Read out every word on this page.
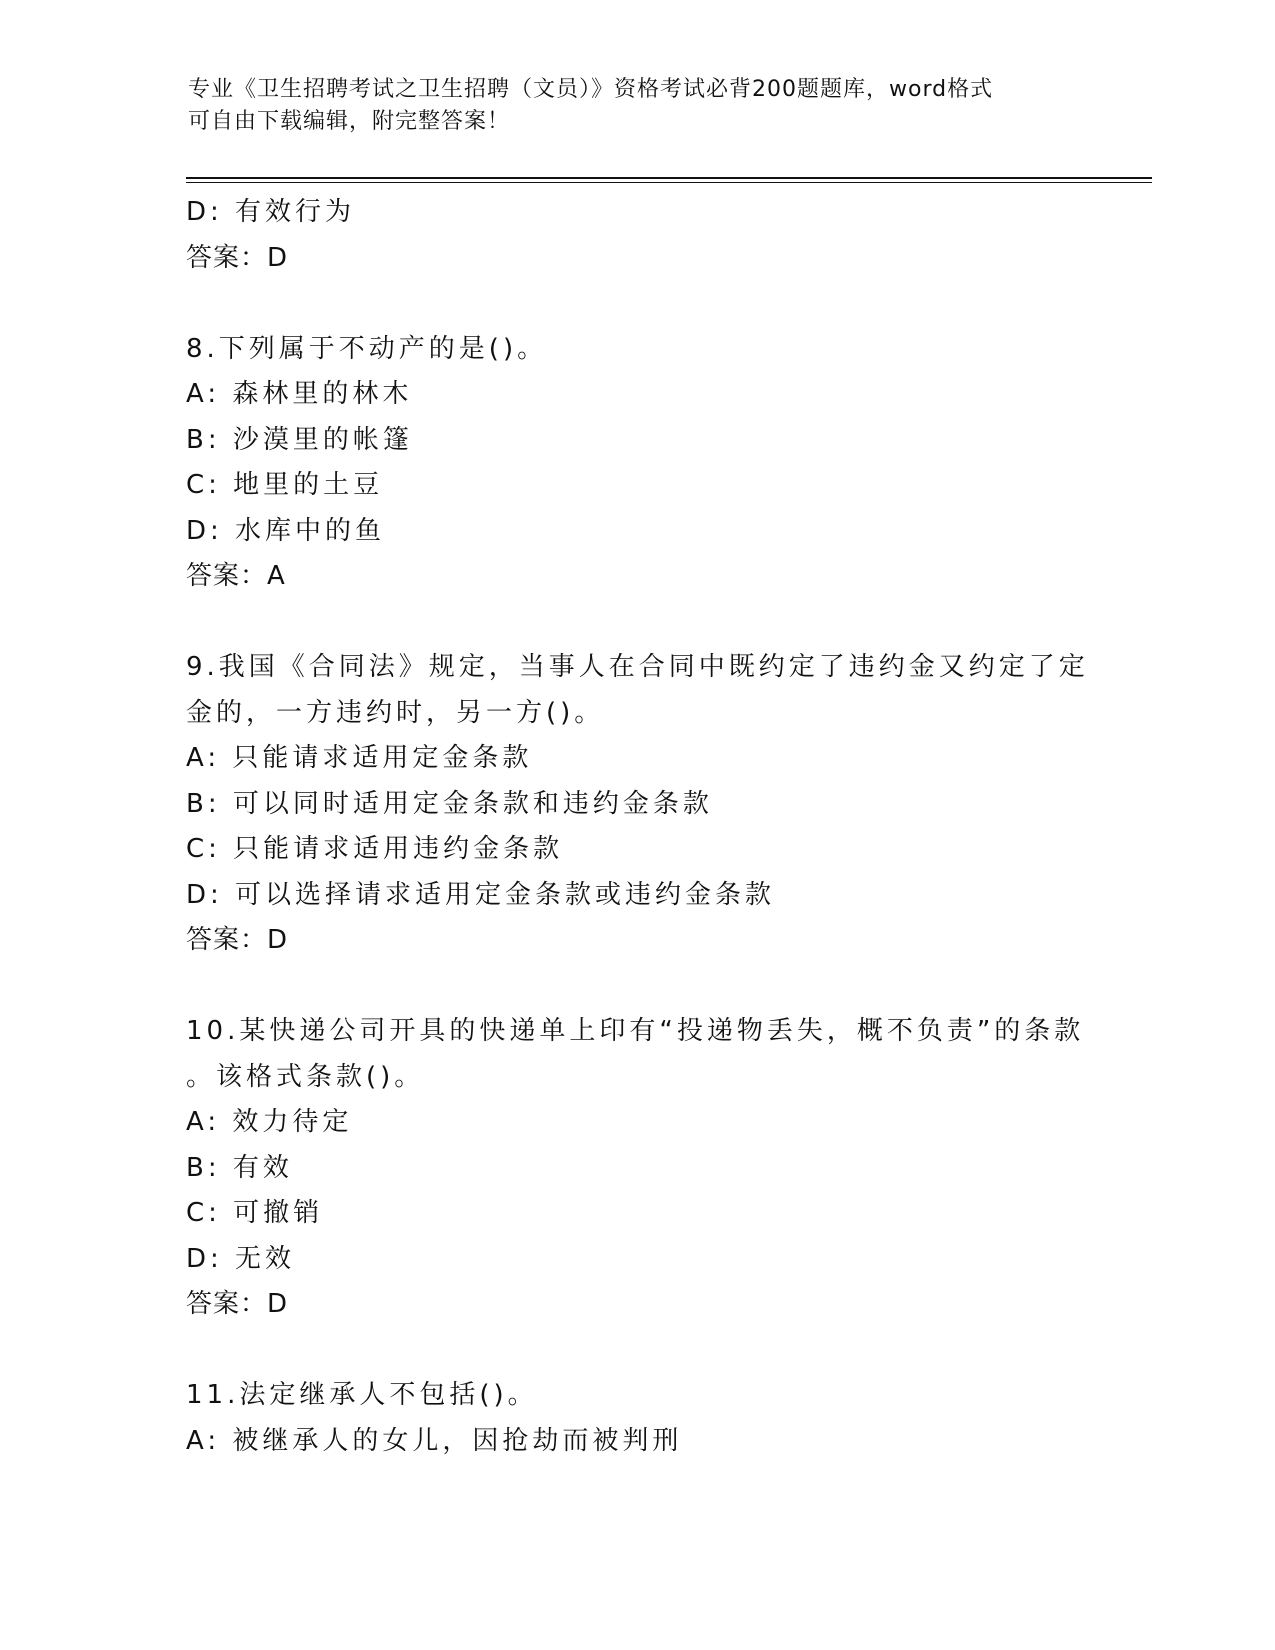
专业《卫生招聘考试之卫生招聘（文员）》资格考试必背200题题库，word格式
可自由下载编辑，附完整答案！
D: 有效行为
答案：D
8.下列属于不动产的是()。
A: 森林里的林木
B: 沙漠里的帐篷
C: 地里的土豆
D: 水库中的鱼
答案：A
9.我国《合同法》规定，当事人在合同中既约定了违约金又约定了定
金的，一方违约时，另一方()。
A: 只能请求适用定金条款
B: 可以同时适用定金条款和违约金条款
C: 只能请求适用违约金条款
D: 可以选择请求适用定金条款或违约金条款
答案：D
10.某快递公司开具的快递单上印有“投递物丢失，概不负责”的条款
。该格式条款()。
A: 效力待定
B: 有效
C: 可撤销
D: 无效
答案：D
11.法定继承人不包括()。
A: 被继承人的女儿，因抢劫而被判刑
